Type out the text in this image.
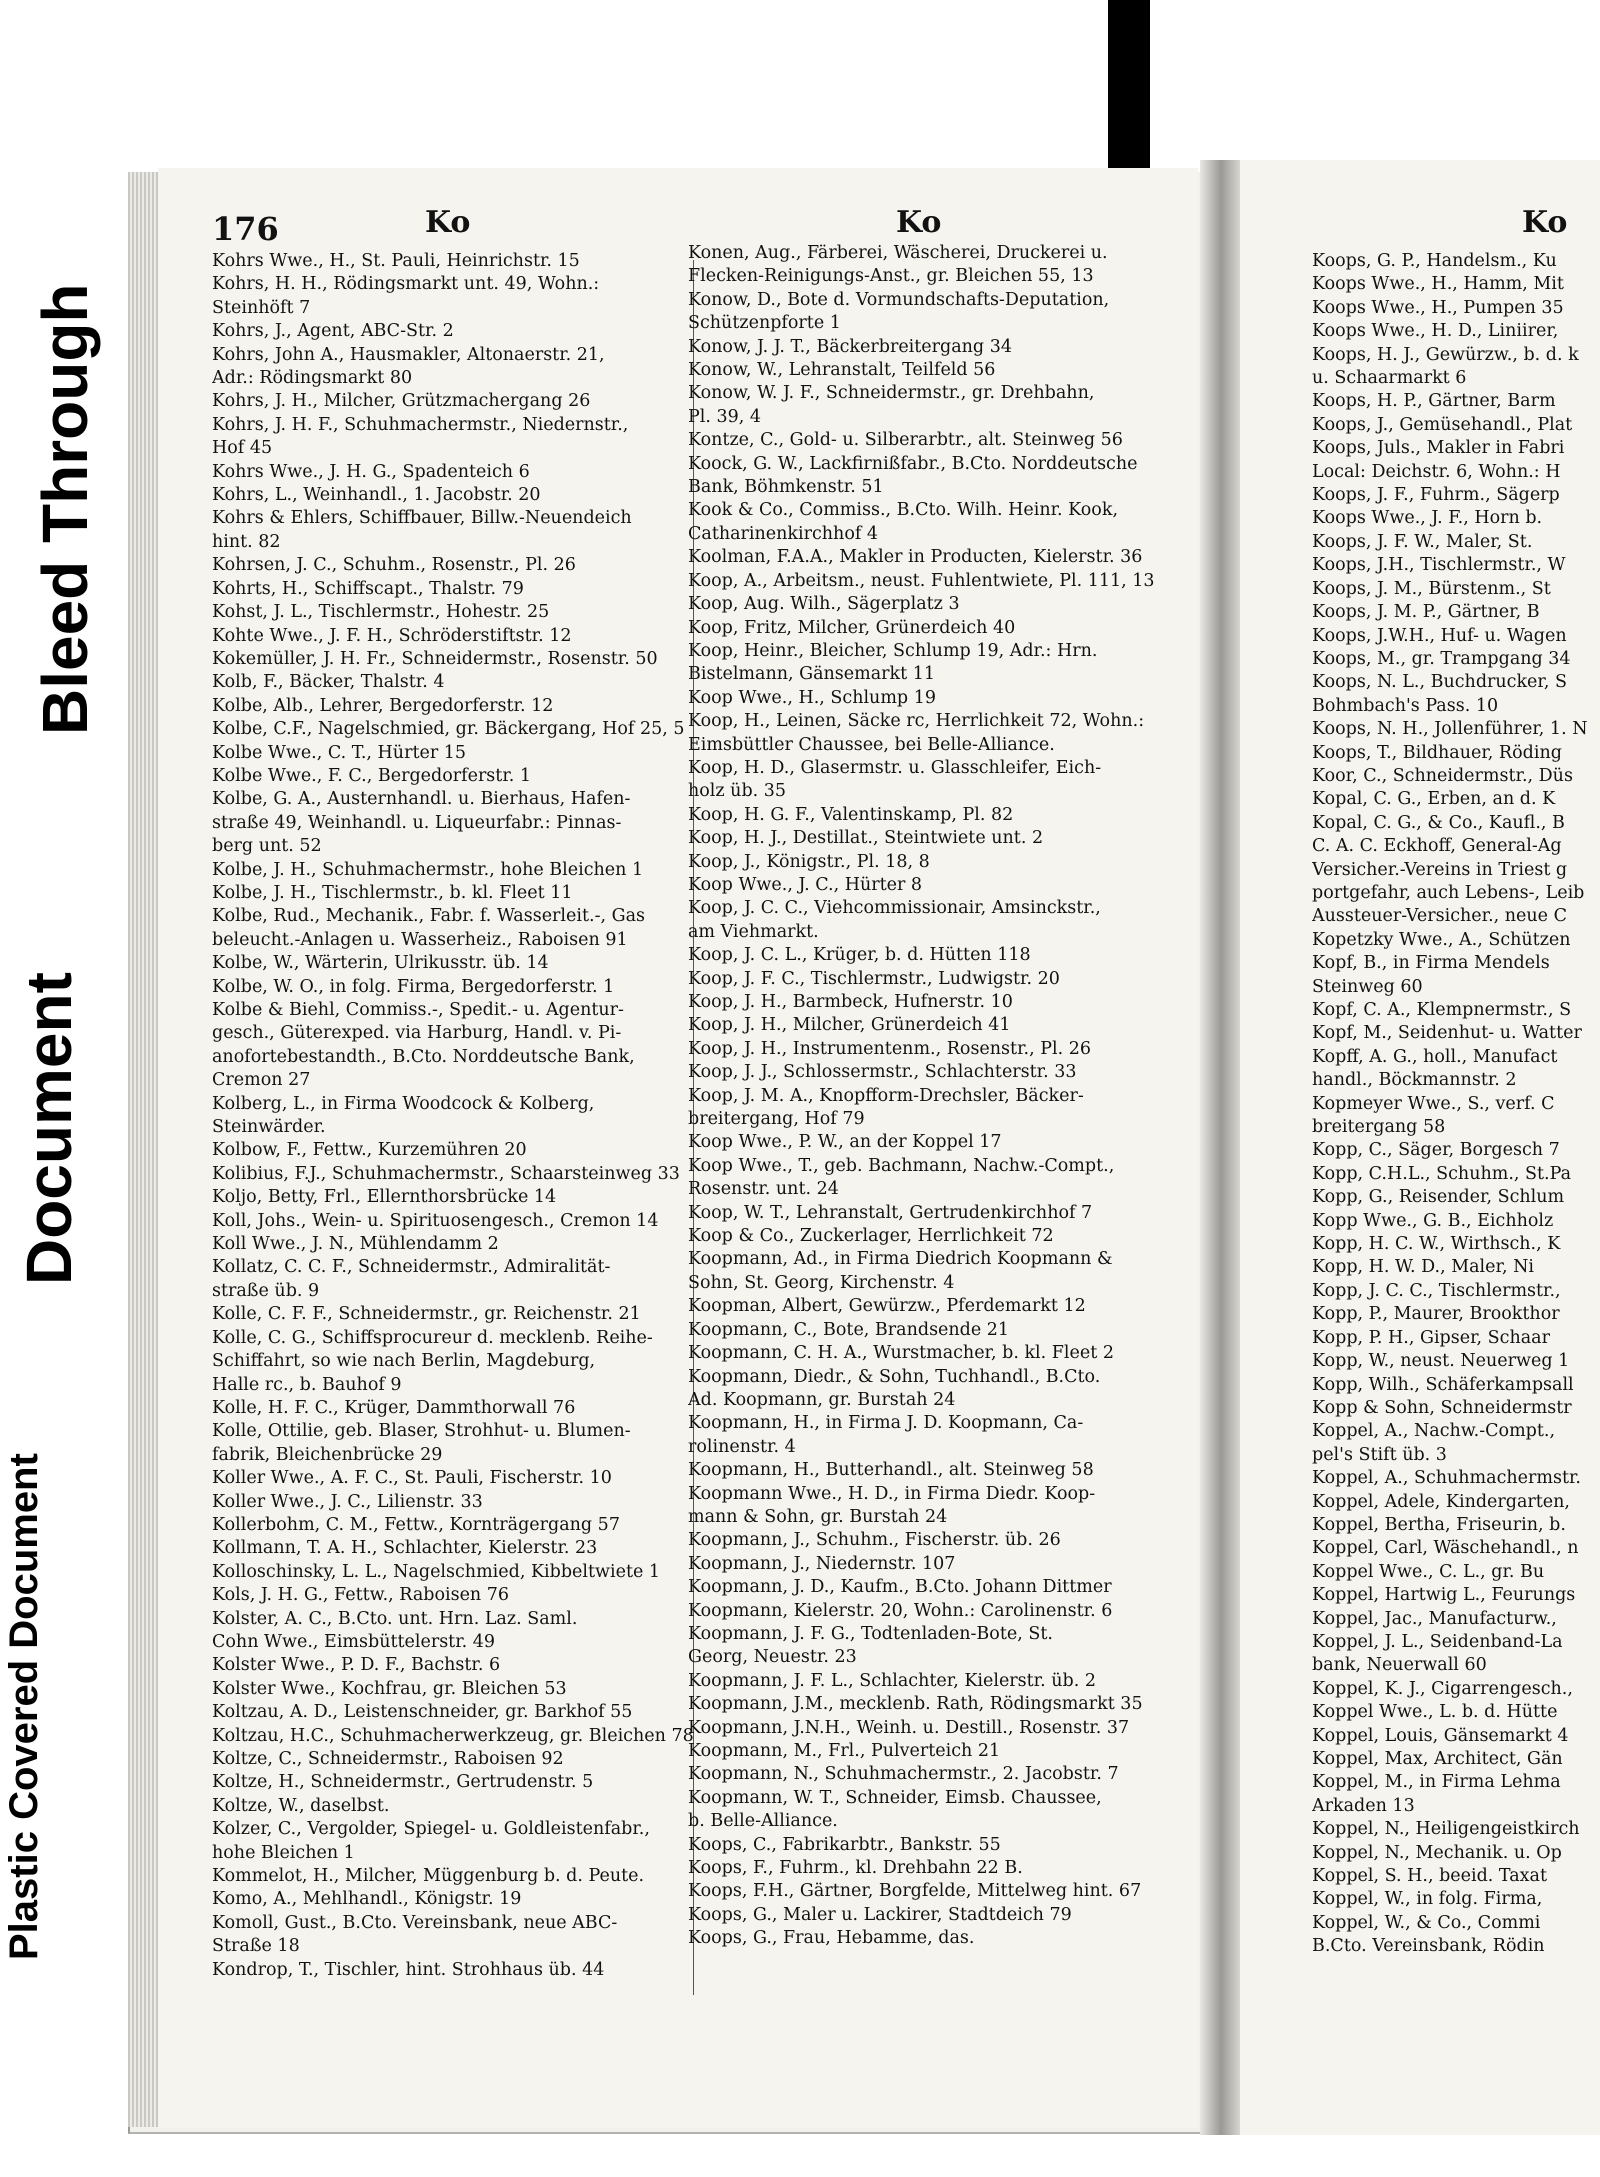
Bleed Through
Document
Plastic Covered Document
176	Ko	Ko	Ko
Kohrs Wwe., H., St. Pauli, Heinrichstr. 15
Kohrs, H. H., Rödingsmarkt unt. 49, Wohn.:
Steinhöft 7
Kohrs, J., Agent, ABC-Str. 2
Kohrs, John A., Hausmakler, Altonaerstr. 21,
Adr.: Rödingsmarkt 80
Kohrs, J. H., Milcher, Grützmachergang 26
Kohrs, J. H. F., Schuhmachermstr., Niedernstr.,
Hof 45
Kohrs Wwe., J. H. G., Spadenteich 6
Kohrs, L., Weinhandl., 1. Jacobstr. 20
Kohrs & Ehlers, Schiffbauer, Billw.-Neuendeich
hint. 82
Kohrsen, J. C., Schuhm., Rosenstr., Pl. 26
Kohrts, H., Schiffscapt., Thalstr. 79
Kohst, J. L., Tischlermstr., Hohestr. 25
Kohte Wwe., J. F. H., Schröderstiftstr. 12
Kokemüller, J. H. Fr., Schneidermstr., Rosenstr. 50
Kolb, F., Bäcker, Thalstr. 4
Kolbe, Alb., Lehrer, Bergedorferstr. 12
Kolbe, C.F., Nagelschmied, gr. Bäckergang, Hof 25, 5
Kolbe Wwe., C. T., Hürter 15
Kolbe Wwe., F. C., Bergedorferstr. 1
Kolbe, G. A., Austernhandl. u. Bierhaus, Hafen-
straße 49, Weinhandl. u. Liqueurfabr.: Pinnas-
berg unt. 52
Kolbe, J. H., Schuhmachermstr., hohe Bleichen 1
Kolbe, J. H., Tischlermstr., b. kl. Fleet 11
Kolbe, Rud., Mechanik., Fabr. f. Wasserleit.-, Gas
beleucht.-Anlagen u. Wasserheiz., Raboisen 91
Kolbe, W., Wärterin, Ulrikusstr. üb. 14
Kolbe, W. O., in folg. Firma, Bergedorferstr. 1
Kolbe & Biehl, Commiss.-, Spedit.- u. Agentur-
gesch., Güterexped. via Harburg, Handl. v. Pi-
anofortebestandth., B.Cto. Norddeutsche Bank,
Cremon 27
Kolberg, L., in Firma Woodcock & Kolberg,
Steinwärder.
Kolbow, F., Fettw., Kurzemühren 20
Kolibius, F.J., Schuhmachermstr., Schaarsteinweg 33
Koljo, Betty, Frl., Ellernthorsbrücke 14
Koll, Johs., Wein- u. Spirituosengesch., Cremon 14
Koll Wwe., J. N., Mühlendamm 2
Kollatz, C. C. F., Schneidermstr., Admiralität-
straße üb. 9
Kolle, C. F. F., Schneidermstr., gr. Reichenstr. 21
Kolle, C. G., Schiffsprocureur d. mecklenb. Reihe-
Schiffahrt, so wie nach Berlin, Magdeburg,
Halle rc., b. Bauhof 9
Kolle, H. F. C., Krüger, Dammthorwall 76
Kolle, Ottilie, geb. Blaser, Strohhut- u. Blumen-
fabrik, Bleichenbrücke 29
Koller Wwe., A. F. C., St. Pauli, Fischerstr. 10
Koller Wwe., J. C., Lilienstr. 33
Kollerbohm, C. M., Fettw., Kornträgergang 57
Kollmann, T. A. H., Schlachter, Kielerstr. 23
Kolloschinsky, L. L., Nagelschmied, Kibbeltwiete 1
Kols, J. H. G., Fettw., Raboisen 76
Kolster, A. C., B.Cto. unt. Hrn. Laz. Saml.
Cohn Wwe., Eimsbüttelerstr. 49
Kolster Wwe., P. D. F., Bachstr. 6
Kolster Wwe., Kochfrau, gr. Bleichen 53
Koltzau, A. D., Leistenschneider, gr. Barkhof 55
Koltzau, H.C., Schuhmacherwerkzeug, gr. Bleichen 78
Koltze, C., Schneidermstr., Raboisen 92
Koltze, H., Schneidermstr., Gertrudenstr. 5
Koltze, W., daselbst.
Kolzer, C., Vergolder, Spiegel- u. Goldleistenfabr.,
hohe Bleichen 1
Kommelot, H., Milcher, Müggenburg b. d. Peute.
Komo, A., Mehlhandl., Königstr. 19
Komoll, Gust., B.Cto. Vereinsbank, neue ABC-
Straße 18
Kondrop, T., Tischler, hint. Strohhaus üb. 44
Konen, Aug., Färberei, Wäscherei, Druckerei u.
Flecken-Reinigungs-Anst., gr. Bleichen 55, 13
Konow, D., Bote d. Vormundschafts-Deputation,
Schützenpforte 1
Konow, J. J. T., Bäckerbreitergang 34
Konow, W., Lehranstalt, Teilfeld 56
Konow, W. J. F., Schneidermstr., gr. Drehbahn,
Pl. 39, 4
Kontze, C., Gold- u. Silberarbtr., alt. Steinweg 56
Koock, G. W., Lackfirnißfabr., B.Cto. Norddeutsche
Bank, Böhmkenstr. 51
Kook & Co., Commiss., B.Cto. Wilh. Heinr. Kook,
Catharinenkirchhof 4
Koolman, F.A.A., Makler in Producten, Kielerstr. 36
Koop, A., Arbeitsm., neust. Fuhlentwiete, Pl. 111, 13
Koop, Aug. Wilh., Sägerplatz 3
Koop, Fritz, Milcher, Grünerdeich 40
Koop, Heinr., Bleicher, Schlump 19, Adr.: Hrn.
Bistelmann, Gänsemarkt 11
Koop Wwe., H., Schlump 19
Koop, H., Leinen, Säcke rc, Herrlichkeit 72, Wohn.:
Eimsbüttler Chaussee, bei Belle-Alliance.
Koop, H. D., Glasermstr. u. Glasschleifer, Eich-
holz üb. 35
Koop, H. G. F., Valentinskamp, Pl. 82
Koop, H. J., Destillat., Steintwiete unt. 2
Koop, J., Königstr., Pl. 18, 8
Koop Wwe., J. C., Hürter 8
Koop, J. C. C., Viehcommissionair, Amsinckstr.,
am Viehmarkt.
Koop, J. C. L., Krüger, b. d. Hütten 118
Koop, J. F. C., Tischlermstr., Ludwigstr. 20
Koop, J. H., Barmbeck, Hufnerstr. 10
Koop, J. H., Milcher, Grünerdeich 41
Koop, J. H., Instrumentenm., Rosenstr., Pl. 26
Koop, J. J., Schlossermstr., Schlachterstr. 33
Koop, J. M. A., Knopfform-Drechsler, Bäcker-
breitergang, Hof 79
Koop Wwe., P. W., an der Koppel 17
Koop Wwe., T., geb. Bachmann, Nachw.-Compt.,
Rosenstr. unt. 24
Koop, W. T., Lehranstalt, Gertrudenkirchhof 7
Koop & Co., Zuckerlager, Herrlichkeit 72
Koopmann, Ad., in Firma Diedrich Koopmann &
Sohn, St. Georg, Kirchenstr. 4
Koopman, Albert, Gewürzw., Pferdemarkt 12
Koopmann, C., Bote, Brandsende 21
Koopmann, C. H. A., Wurstmacher, b. kl. Fleet 2
Koopmann, Diedr., & Sohn, Tuchhandl., B.Cto.
Ad. Koopmann, gr. Burstah 24
Koopmann, H., in Firma J. D. Koopmann, Ca-
rolinenstr. 4
Koopmann, H., Butterhandl., alt. Steinweg 58
Koopmann Wwe., H. D., in Firma Diedr. Koop-
mann & Sohn, gr. Burstah 24
Koopmann, J., Schuhm., Fischerstr. üb. 26
Koopmann, J., Niedernstr. 107
Koopmann, J. D., Kaufm., B.Cto. Johann Dittmer
Koopmann, Kielerstr. 20, Wohn.: Carolinenstr. 6
Koopmann, J. F. G., Todtenladen-Bote, St.
Georg, Neuestr. 23
Koopmann, J. F. L., Schlachter, Kielerstr. üb. 2
Koopmann, J.M., mecklenb. Rath, Rödingsmarkt 35
Koopmann, J.N.H., Weinh. u. Destill., Rosenstr. 37
Koopmann, M., Frl., Pulverteich 21
Koopmann, N., Schuhmachermstr., 2. Jacobstr. 7
Koopmann, W. T., Schneider, Eimsb. Chaussee,
b. Belle-Alliance.
Koops, C., Fabrikarbtr., Bankstr. 55
Koops, F., Fuhrm., kl. Drehbahn 22 B.
Koops, F.H., Gärtner, Borgfelde, Mittelweg hint. 67
Koops, G., Maler u. Lackirer, Stadtdeich 79
Koops, G., Frau, Hebamme, das.
Koops, G. P., Handelsm., Ku
Koops Wwe., H., Hamm, Mit
Koops Wwe., H., Pumpen 35
Koops Wwe., H. D., Liniirer,
Koops, H. J., Gewürzw., b. d. k
u. Schaarmarkt 6
Koops, H. P., Gärtner, Barm
Koops, J., Gemüsehandl., Plat
Koops, Juls., Makler in Fabri
Local: Deichstr. 6, Wohn.: H
Koops, J. F., Fuhrm., Sägerp
Koops Wwe., J. F., Horn b.
Koops, J. F. W., Maler, St.
Koops, J.H., Tischlermstr., W
Koops, J. M., Bürstenm., St
Koops, J. M. P., Gärtner, B
Koops, J.W.H., Huf- u. Wagen
Koops, M., gr. Trampgang 34
Koops, N. L., Buchdrucker, S
Bohmbach's Pass. 10
Koops, N. H., Jollenführer, 1. N
Koops, T., Bildhauer, Röding
Koor, C., Schneidermstr., Düs
Kopal, C. G., Erben, an d. K
Kopal, C. G., & Co., Kaufl., B
C. A. C. Eckhoff, General-Ag
Versicher.-Vereins in Triest g
portgefahr, auch Lebens-, Leib
Aussteuer-Versicher., neue C
Kopetzky Wwe., A., Schützen
Kopf, B., in Firma Mendels
Steinweg 60
Kopf, C. A., Klempnermstr., S
Kopf, M., Seidenhut- u. Watter
Kopff, A. G., holl., Manufact
handl., Böckmannstr. 2
Kopmeyer Wwe., S., verf. C
breitergang 58
Kopp, C., Säger, Borgesch 7
Kopp, C.H.L., Schuhm., St.Pa
Kopp, G., Reisender, Schlum
Kopp Wwe., G. B., Eichholz
Kopp, H. C. W., Wirthsch., K
Kopp, H. W. D., Maler, Ni
Kopp, J. C. C., Tischlermstr.,
Kopp, P., Maurer, Brookthor
Kopp, P. H., Gipser, Schaar
Kopp, W., neust. Neuerweg 1
Kopp, Wilh., Schäferkampsall
Kopp & Sohn, Schneidermstr
Koppel, A., Nachw.-Compt.,
pel's Stift üb. 3
Koppel, A., Schuhmachermstr.
Koppel, Adele, Kindergarten,
Koppel, Bertha, Friseurin, b.
Koppel, Carl, Wäschehandl., n
Koppel Wwe., C. L., gr. Bu
Koppel, Hartwig L., Feurungs
Koppel, Jac., Manufacturw.,
Koppel, J. L., Seidenband-La
bank, Neuerwall 60
Koppel, K. J., Cigarrengesch.,
Koppel Wwe., L. b. d. Hütte
Koppel, Louis, Gänsemarkt 4
Koppel, Max, Architect, Gän
Koppel, M., in Firma Lehma
Arkaden 13
Koppel, N., Heiligengeistkirch
Koppel, N., Mechanik. u. Op
Koppel, S. H., beeid. Taxat
Koppel, W., in folg. Firma,
Koppel, W., & Co., Commi
B.Cto. Vereinsbank, Rödin
